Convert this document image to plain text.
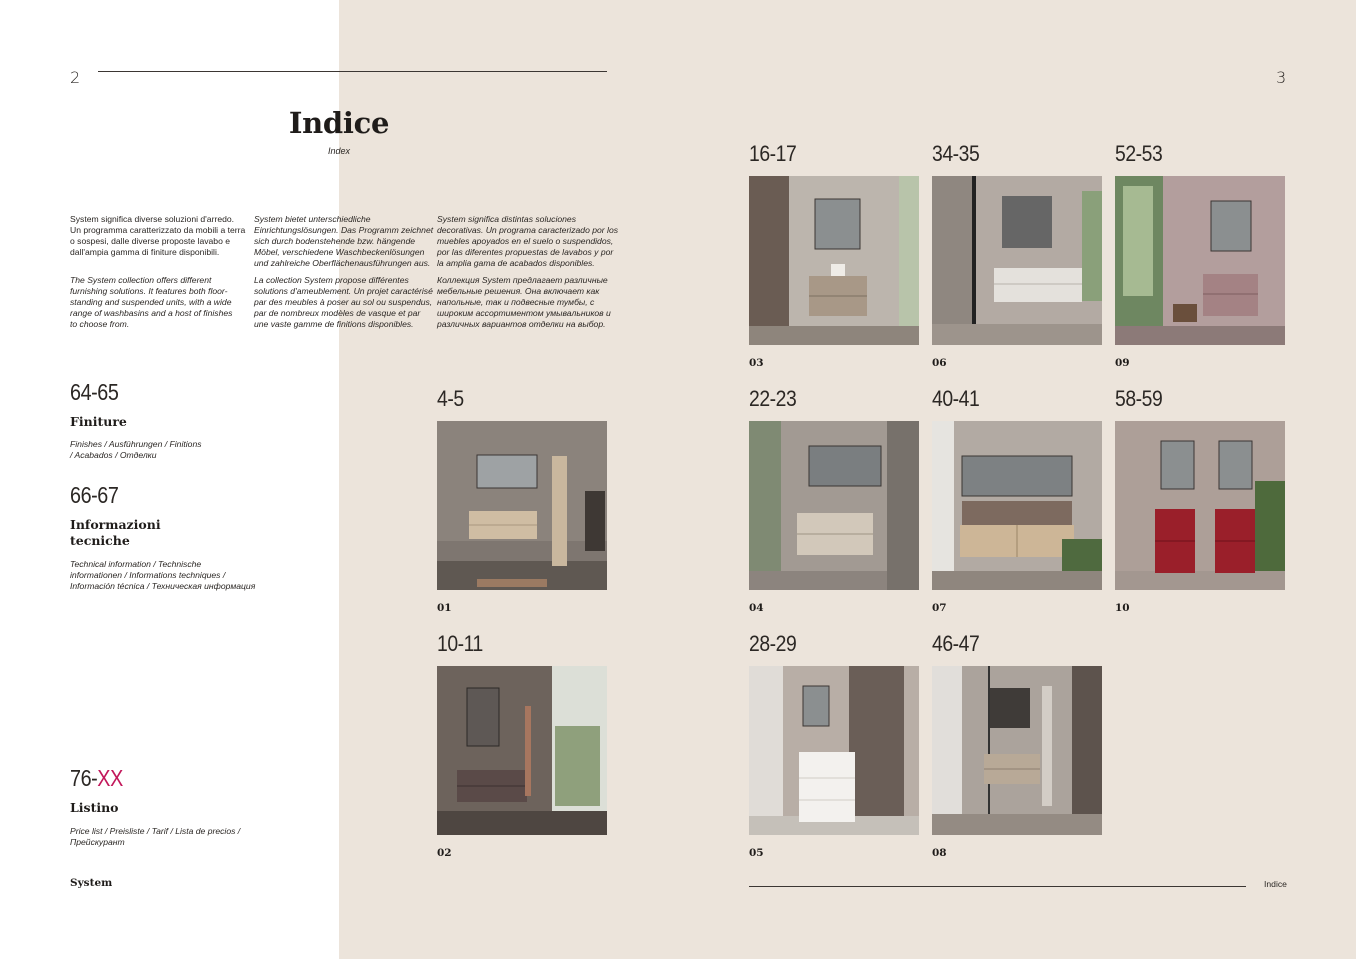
2	3
Indice
Index
System significa diverse soluzioni d'arredo.
Un programma caratterizzato da mobili a terra
o sospesi, dalle diverse proposte lavabo e
dall'ampia gamma di finiture disponibili.
The System collection offers different
furnishing solutions. It features both floor-
standing and suspended units, with a wide
range of washbasins and a host of finishes
to choose from.
System bietet unterschiedliche
Einrichtungslösungen. Das Programm zeichnet
sich durch bodenstehende bzw. hängende
Möbel, verschiedene Waschbeckenlösungen
und zahlreiche Oberflächenausführungen aus.
La collection System propose différentes
solutions d'ameublement. Un projet caractérisé
par des meubles à poser au sol ou suspendus,
par de nombreux modèles de vasque et par
une vaste gamme de finitions disponibles.
System significa distintas soluciones
decorativas. Un programa caracterizado por los
muebles apoyados en el suelo o suspendidos,
por las diferentes propuestas de lavabos y por
la amplia gama de acabados disponibles.
Коллекция System предлагает различные
мебельные решения. Она включает как
напольные, так и подвесные тумбы, с
широким ассортиментом умывальников и
различных вариантов отделки на выбор.
64-65
Finiture
Finishes / Ausführungen / Finitions
/ Acabados / Отделки
66-67
Informazioni
tecniche
Technical information / Technische
informationen / Informations techniques /
Información técnica / Техническая информация
76-XX
Listino
Price list / Preisliste / Tarif / Lista de precios /
Прейскурант
System
4-5
01
10-11
02
16-17
03
22-23
04
28-29
05
34-35
06
40-41
07
46-47
08
52-53
09
58-59
10
Indice
